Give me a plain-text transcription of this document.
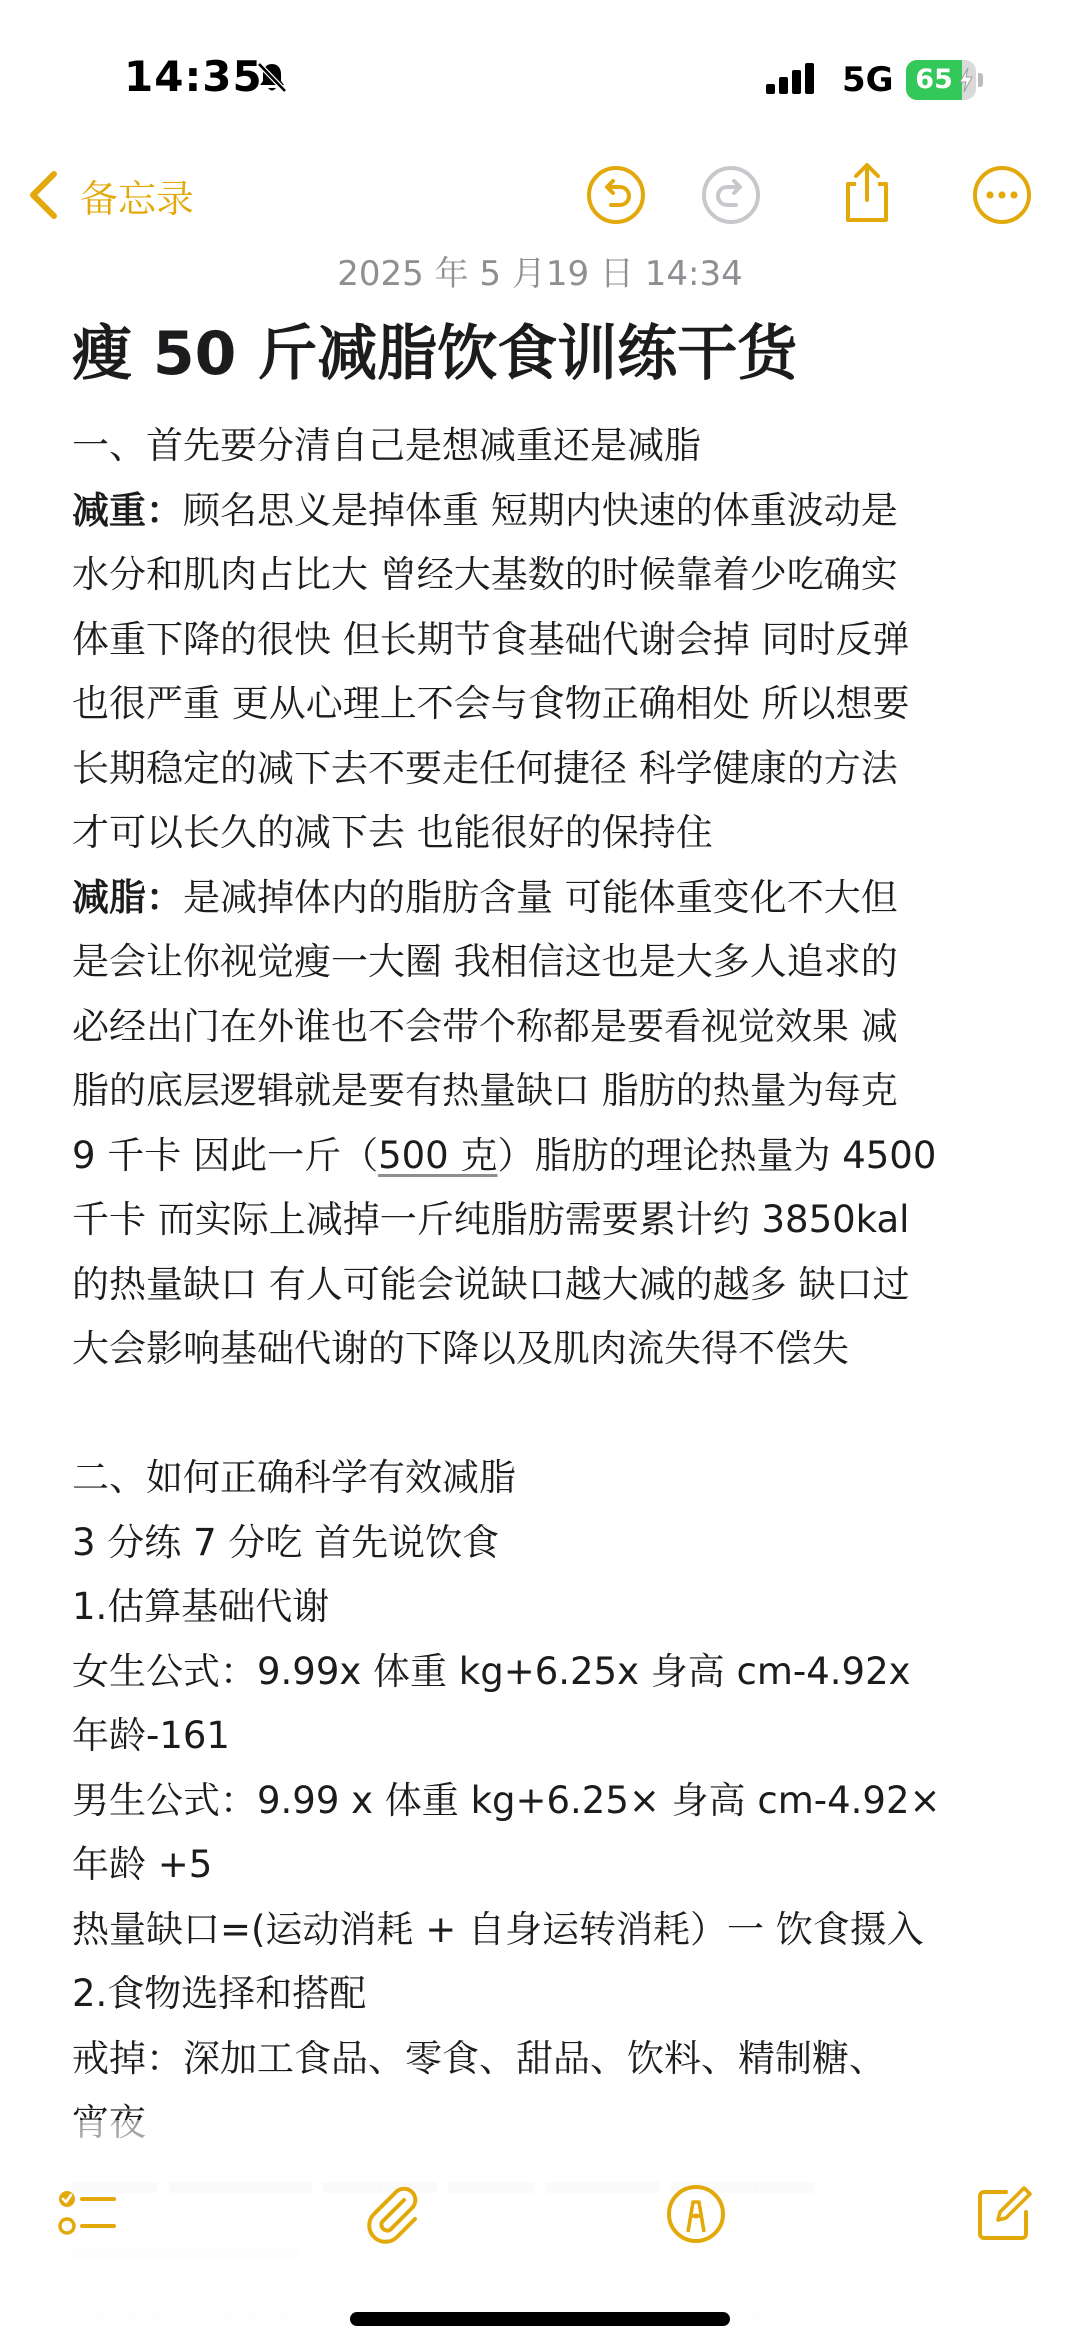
14:35	5G 65
备忘录
2025 年 5 月19 日 14:34
瘦 50 斤减脂饮食训练干货
一、首先要分清自己是想减重还是减脂
减重：顾名思义是掉体重 短期内快速的体重波动是
水分和肌肉占比大 曾经大基数的时候靠着少吃确实
体重下降的很快 但长期节食基础代谢会掉 同时反弹
也很严重 更从心理上不会与食物正确相处 所以想要
长期稳定的减下去不要走任何捷径 科学健康的方法
才可以长久的减下去 也能很好的保持住
减脂：是减掉体内的脂肪含量 可能体重变化不大但
是会让你视觉瘦一大圈 我相信这也是大多人追求的
必经出门在外谁也不会带个称都是要看视觉效果 减
脂的底层逻辑就是要有热量缺口 脂肪的热量为每克
9 千卡 因此一斤（500 克）脂肪的理论热量为 4500
千卡 而实际上减掉一斤纯脂肪需要累计约 3850kal
的热量缺口 有人可能会说缺口越大减的越多 缺口过
大会影响基础代谢的下降以及肌肉流失得不偿失
二、如何正确科学有效减脂
3 分练 7 分吃 首先说饮食
1.估算基础代谢
女生公式：9.99x 体重 kg+6.25x 身高 cm-4.92x
年龄-161
男生公式：9.99 x 体重 kg+6.25× 身高 cm-4.92×
年龄 +5
热量缺口=(运动消耗 + 自身运转消耗）一 饮食摄入
2.食物选择和搭配
戒掉：深加工食品、零食、甜品、饮料、精制糖、
